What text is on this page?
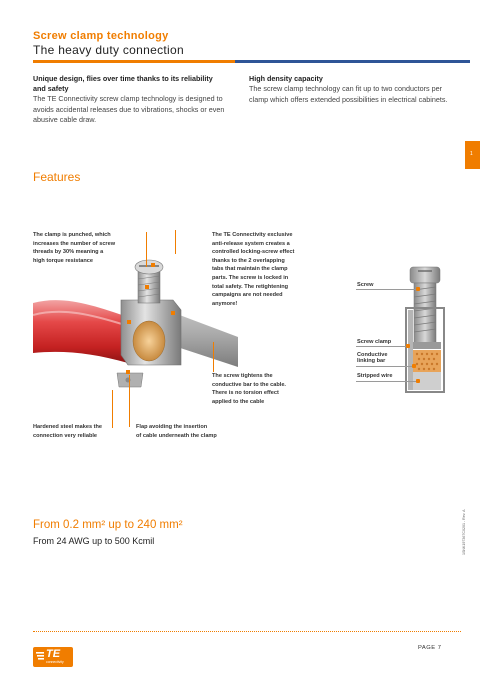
Screw clamp technology
The heavy duty connection
Unique design, flies over time thanks to its reliability
and safety
The TE Connectivity screw clamp technology is designed to
avoids accidental releases due to vibrations, shocks or even
abusive cable draw.
High density capacity
The screw clamp technology can fit up to two conductors per
clamp which offers extended possibilities in electrical cabinets.
1
Features
The clamp is punched, which
increases the number of screw
threads by 30% meaning a
high torque resistance
The TE Connectivity exclusive
anti-release system creates a
controlled locking-screw effect
thanks to the 2 overlapping
tabs that maintain the clamp
parts. The screw is locked in
total safety. The retightening
campaigns are not needed
anymore!
The screw tightens the
conductive bar to the cable.
There is no torsion effect
applied to the cable
Hardened steel makes the
connection very reliable
Flap avoiding the insertion
of cable underneath the clamp
Screw
Screw clamp
Conductive
linking bar
Stripped wire
From 0.2 mm² up to 240 mm²
From 24 AWG up to 500 Kcmil	1SNK197367C0201 - Rev. A
TE
connectivity
PAGE 7
